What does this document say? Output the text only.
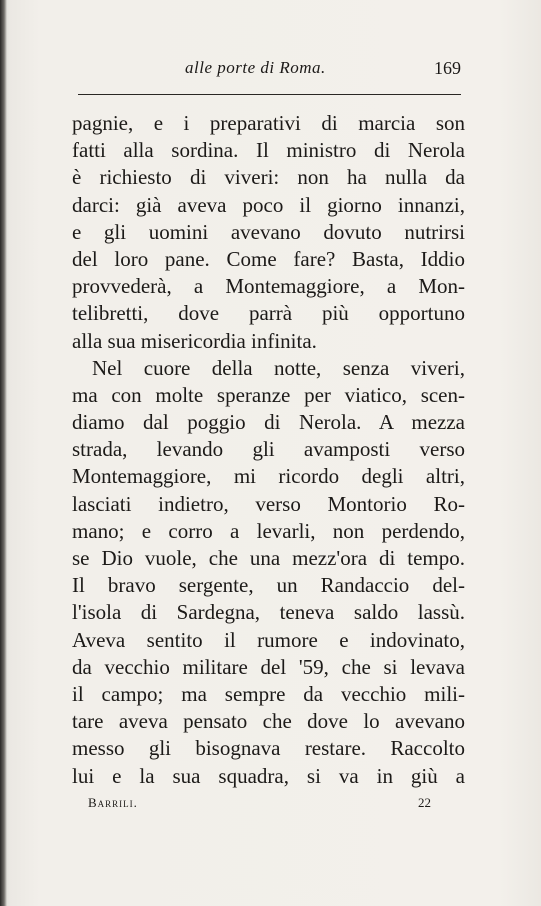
alle porte di Roma.	169
pagnie, e i preparativi di marcia son
fatti alla sordina. Il ministro di Nerola
è richiesto di viveri: non ha nulla da
darci: già aveva poco il giorno innanzi,
e gli uomini avevano dovuto nutrirsi
del loro pane. Come fare? Basta, Iddio
provvederà, a Montemaggiore, a Mon-
telibretti, dove parrà più opportuno
alla sua misericordia infinita.
Nel cuore della notte, senza viveri,
ma con molte speranze per viatico, scen-
diamo dal poggio di Nerola. A mezza
strada, levando gli avamposti verso
Montemaggiore, mi ricordo degli altri,
lasciati indietro, verso Montorio Ro-
mano; e corro a levarli, non perdendo,
se Dio vuole, che una mezz'ora di tempo.
Il bravo sergente, un Randaccio del-
l'isola di Sardegna, teneva saldo lassù.
Aveva sentito il rumore e indovinato,
da vecchio militare del '59, che si levava
il campo; ma sempre da vecchio mili-
tare aveva pensato che dove lo avevano
messo gli bisognava restare. Raccolto
lui e la sua squadra, si va in giù a
Barrili.	22
